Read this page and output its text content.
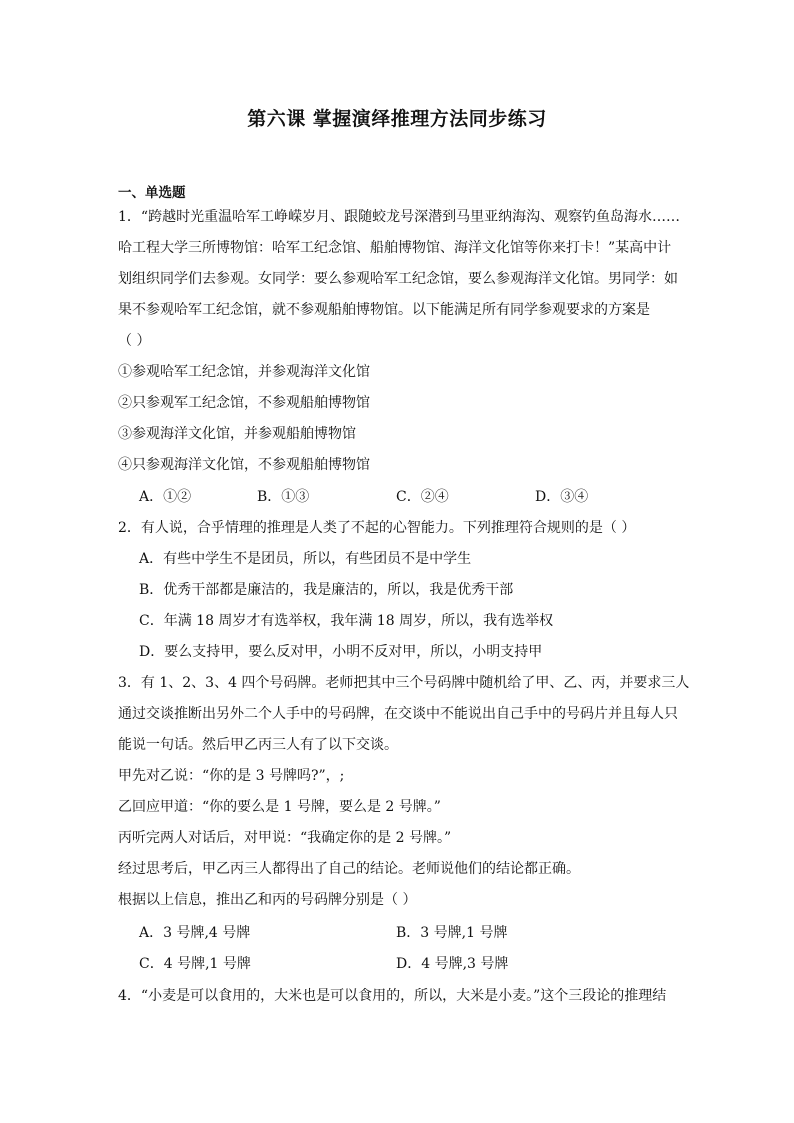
第六课 掌握演绎推理方法同步练习
一、单选题
1．“跨越时光重温哈军工峥嵘岁月、跟随蛟龙号深潜到马里亚纳海沟、观察钓鱼岛海水……
哈工程大学三所博物馆：哈军工纪念馆、船舶博物馆、海洋文化馆等你来打卡！”某高中计
划组织同学们去参观。女同学：要么参观哈军工纪念馆，要么参观海洋文化馆。男同学：如
果不参观哈军工纪念馆，就不参观船舶博物馆。以下能满足所有同学参观要求的方案是
（ ）
①参观哈军工纪念馆，并参观海洋文化馆
②只参观军工纪念馆，不参观船舶博物馆
③参观海洋文化馆，并参观船舶博物馆
④只参观海洋文化馆，不参观船舶博物馆
A．①②	B．①③	C．②④	D．③④
2．有人说，合乎情理的推理是人类了不起的心智能力。下列推理符合规则的是（ ）
A．有些中学生不是团员，所以，有些团员不是中学生
B．优秀干部都是廉洁的，我是廉洁的，所以，我是优秀干部
C．年满 18 周岁才有选举权，我年满 18 周岁，所以，我有选举权
D．要么支持甲，要么反对甲，小明不反对甲，所以，小明支持甲
3．有 1、2、3、4 四个号码牌。老师把其中三个号码牌中随机给了甲、乙、丙，并要求三人
通过交谈推断出另外二个人手中的号码牌，在交谈中不能说出自己手中的号码片并且每人只
能说一句话。然后甲乙丙三人有了以下交谈。
甲先对乙说：“你的是 3 号牌吗?”，;
乙回应甲道：“你的要么是 1 号牌，要么是 2 号牌。”
丙听完两人对话后，对甲说：“我确定你的是 2 号牌。”
经过思考后，甲乙丙三人都得出了自己的结论。老师说他们的结论都正确。
根据以上信息，推出乙和丙的号码牌分别是（ ）
A．3 号牌,4 号牌	B．3 号牌,1 号牌
C．4 号牌,1 号牌	D．4 号牌,3 号牌
4．“小麦是可以食用的，大米也是可以食用的，所以，大米是小麦。”这个三段论的推理结
